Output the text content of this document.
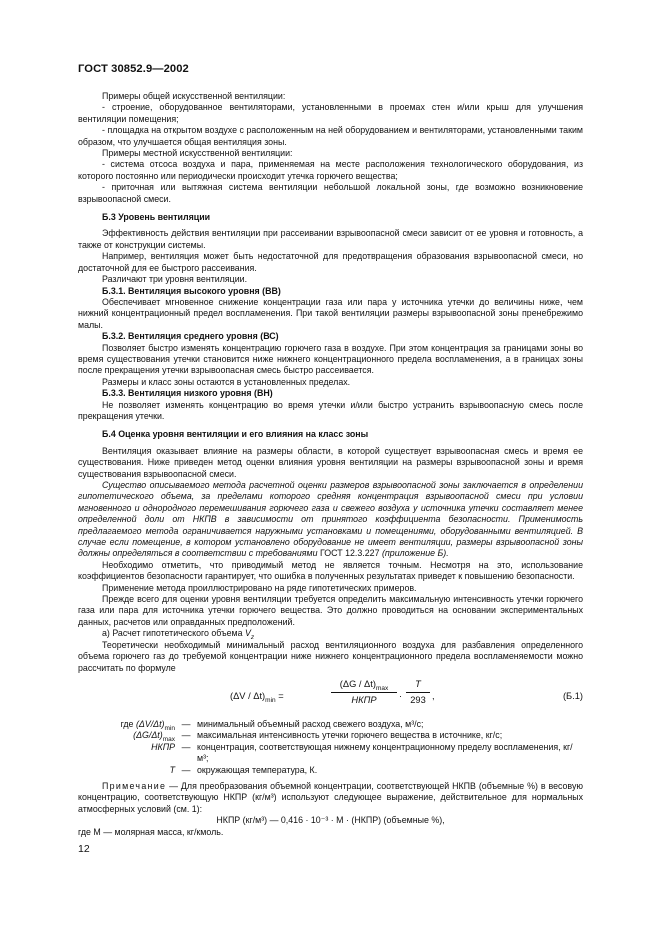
ГОСТ 30852.9—2002

Примеры общей искусственной вентиляции:

- строение, оборудованное вентиляторами, установленными в проемах стен и/или крыш для улучшения вентиляции помещения;

- площадка на открытом воздухе с расположенным на ней оборудованием и вентиляторами, установленными таким образом, что улучшается общая вентиляция зоны.

Примеры местной искусственной вентиляции:

- система отсоса воздуха и пара, применяемая на месте расположения технологического оборудования, из которого постоянно или периодически происходит утечка горючего вещества;

- приточная или вытяжная система вентиляции небольшой локальной зоны, где возможно возникновение взрывоопасной смеси.

Б.3 Уровень вентиляции

Эффективность действия вентиляции при рассеивании взрывоопасной смеси зависит от ее уровня и готовность, а также от конструкции системы.

Например, вентиляция может быть недостаточной для предотвращения образования взрывоопасной смеси, но достаточной для ее быстрого рассеивания.

Различают три уровня вентиляции.

Б.3.1. Вентиляция высокого уровня (ВВ)

Обеспечивает мгновенное снижение концентрации газа или пара у источника утечки до величины ниже, чем нижний концентрационный предел воспламенения. При такой вентиляции размеры взрывоопасной зоны пренебрежимо малы.

Б.3.2. Вентиляция среднего уровня (ВС)

Позволяет быстро изменять концентрацию горючего газа в воздухе. При этом концентрация за границами зоны во время существования утечки становится ниже нижнего концентрационного предела воспламенения, а в границах зоны после прекращения утечки взрывоопасная смесь быстро рассеивается.

Размеры и класс зоны остаются в установленных пределах.

Б.3.3. Вентиляция низкого уровня (ВН)

Не позволяет изменять концентрацию во время утечки и/или быстро устранить взрывоопасную смесь после прекращения утечки.

Б.4 Оценка уровня вентиляции и его влияния на класс зоны

Вентиляция оказывает влияние на размеры области, в которой существует взрывоопасная смесь и время ее существования. Ниже приведен метод оценки влияния уровня вентиляции на размеры взрывоопасной зоны и время существования взрывоопасной смеси.

Существо описываемого метода расчетной оценки размеров взрывоопасной зоны заключается в определении гипотетического объема, за пределами которого средняя концентрация взрывоопасной смеси при условии мгновенного и однородного перемешивания горючего газа и свежего воздуха у источника утечки составляет менее определенной доли от НКПВ в зависимости от принятого коэффициента безопасности. Применимость предлагаемого метода ограничивается наружными установками и помещениями, оборудованными вентиляцией. В случае если помещение, в котором установлено оборудование не имеет вентиляции, размеры взрывоопасной зоны должны определяться в соответствии с требованиями ГОСТ 12.3.227 (приложение Б).

Необходимо отметить, что приводимый метод не является точным. Несмотря на это, использование коэффициентов безопасности гарантирует, что ошибка в полученных результатах приведет к повышению безопасности.

Применение метода проиллюстрировано на ряде гипотетических примеров.

Прежде всего для оценки уровня вентиляции требуется определить максимальную интенсивность утечки горючего газа или пара для источника утечки горючего вещества. Это должно проводиться на основании экспериментальных данных, расчетов или оправданных предположений.

а) Расчет гипотетического объема $V_z$

Теоретически необходимый минимальный расход вентиляционного воздуха для разбавления определенного объема горючего газ до требуемой концентрации ниже нижнего концентрационного предела воспламеняемости можно рассчитать по формуле

$(\Delta V / \Delta t)_{min}$ =
$(\Delta G / \Delta t)_{max}$
НКПР	· $\frac{T}{293}$ ,	(Б.1)
где $(\Delta V/\Delta t)_{min}$ — минимальный объемный расход свежего воздуха, м³/с;
$(\Delta G/\Delta t)_{max}$ — максимальная интенсивность утечки горючего вещества в источнике, кг/с;
НКПР — концентрация, соответствующая нижнему концентрационному пределу воспламенения, кг/м³;
T — окружающая температура, К.

Примечание — Для преобразования объемной концентрации, соответствующей НКПВ (объемные %) в весовую концентрацию, соответствующую НКПР (кг/м³) используют следующее выражение, действительное для нормальных атмосферных условий (см. 1):

НКПР (кг/м³) — 0,416 · 10⁻³ · М · (НКПР) (объемные %),

где М — молярная масса, кг/кмоль.

12
